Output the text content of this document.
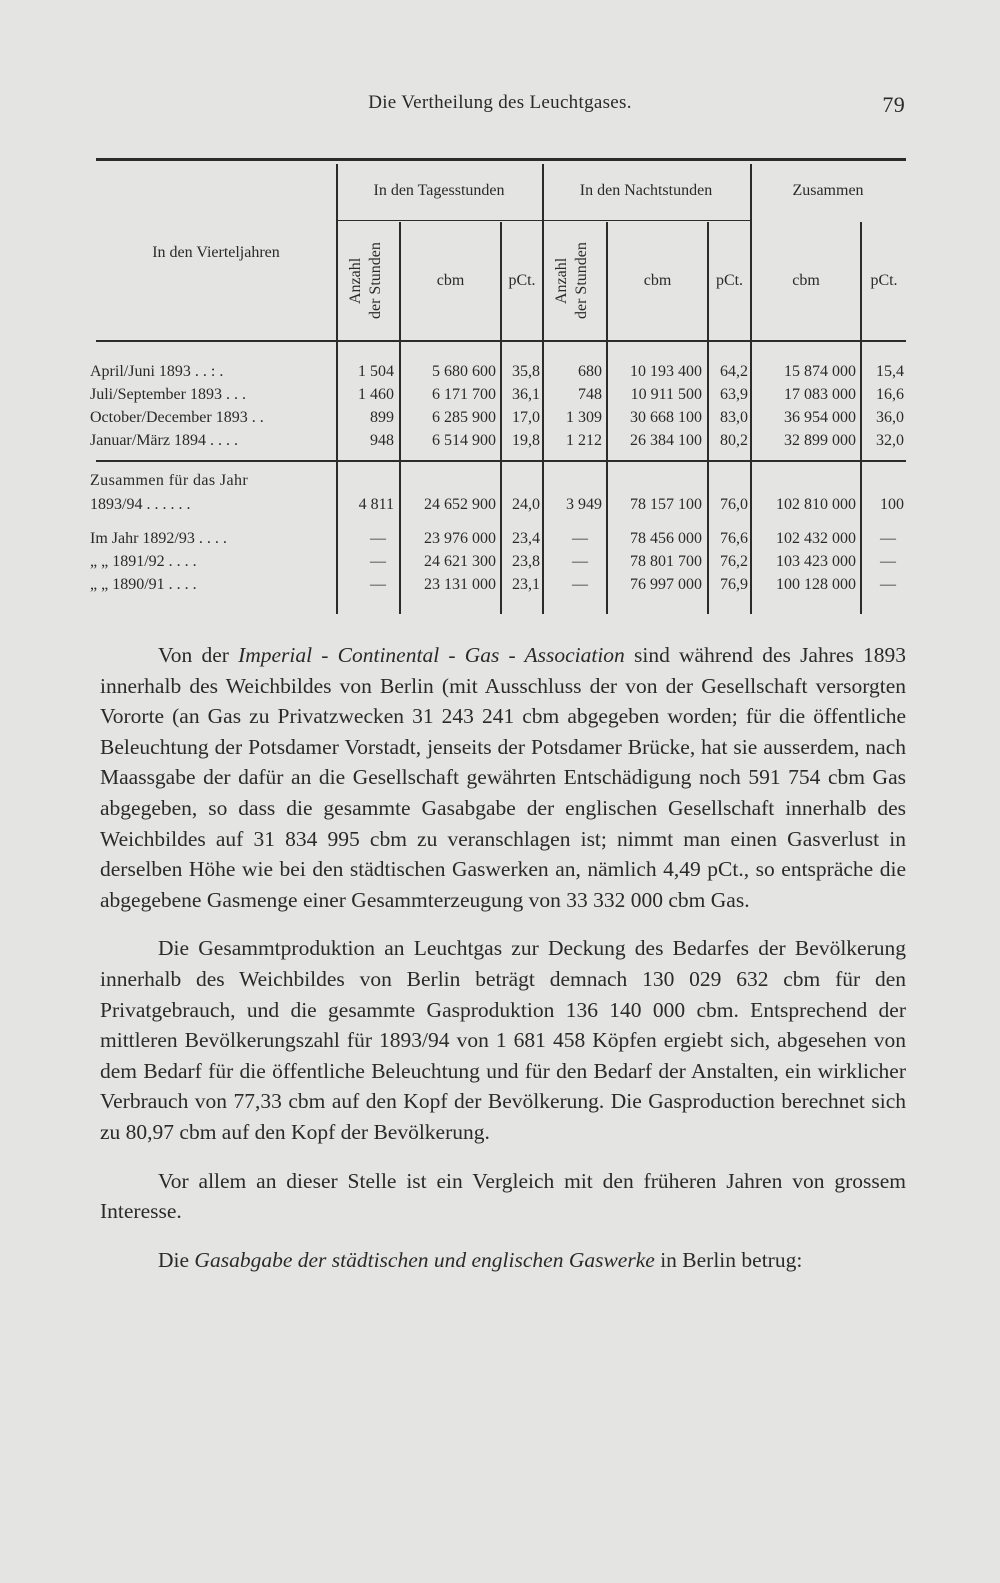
Die Vertheilung des Leuchtgases.	79
In den Tagesstunden	In den Nachtstunden	Zusammen
In den Vierteljahren
Anzahl der Stunden	cbm	pCt.	Anzahl der Stunden	cbm	pCt.	cbm	pCt.
April/Juni 1893 . . : .	1 504	5 680 600	35,8	680	10 193 400	64,2	15 874 000	15,4
Juli/September 1893 . . .	1 460	6 171 700	36,1	748	10 911 500	63,9	17 083 000	16,6
October/December 1893 . .	899	6 285 900	17,0	1 309	30 668 100	83,0	36 954 000	36,0
Januar/März 1894 . . . .	948	6 514 900	19,8	1 212	26 384 100	80,2	32 899 000	32,0
Zusammen für das Jahr
1893/94 . . . . . .	4 811	24 652 900	24,0	3 949	78 157 100	76,0	102 810 000	100
Im Jahr 1892/93 . . . .	—	23 976 000	23,4	—	78 456 000	76,6	102 432 000	—
„ „ 1891/92 . . . .	—	24 621 300	23,8	—	78 801 700	76,2	103 423 000	—
„ „ 1890/91 . . . .	—	23 131 000	23,1	—	76 997 000	76,9	100 128 000	—

Von der Imperial - Continental - Gas - Association sind während des Jahres 1893 innerhalb des Weichbildes von Berlin (mit Ausschluss der von der Gesellschaft versorgten Vororte (an Gas zu Privatzwecken 31 243 241 cbm abgegeben worden; für die öffentliche Beleuchtung der Potsdamer Vorstadt, jenseits der Potsdamer Brücke, hat sie ausserdem, nach Maassgabe der dafür an die Gesellschaft gewährten Entschädigung noch 591 754 cbm Gas abgegeben, so dass die gesammte Gasabgabe der englischen Gesellschaft innerhalb des Weichbildes auf 31 834 995 cbm zu veranschlagen ist; nimmt man einen Gasverlust in derselben Höhe wie bei den städtischen Gaswerken an, nämlich 4,49 pCt., so entspräche die abgegebene Gasmenge einer Gesammterzeugung von 33 332 000 cbm Gas.

Die Gesammtproduktion an Leuchtgas zur Deckung des Bedarfes der Bevölkerung innerhalb des Weichbildes von Berlin beträgt demnach 130 029 632 cbm für den Privatgebrauch, und die gesammte Gasproduktion 136 140 000 cbm. Entsprechend der mittleren Bevölkerungszahl für 1893/94 von 1 681 458 Köpfen ergiebt sich, abgesehen von dem Bedarf für die öffentliche Beleuchtung und für den Bedarf der Anstalten, ein wirklicher Verbrauch von 77,33 cbm auf den Kopf der Bevölkerung. Die Gasproduction berechnet sich zu 80,97 cbm auf den Kopf der Bevölkerung.

Vor allem an dieser Stelle ist ein Vergleich mit den früheren Jahren von grossem Interesse.

Die Gasabgabe der städtischen und englischen Gaswerke in Berlin betrug:
